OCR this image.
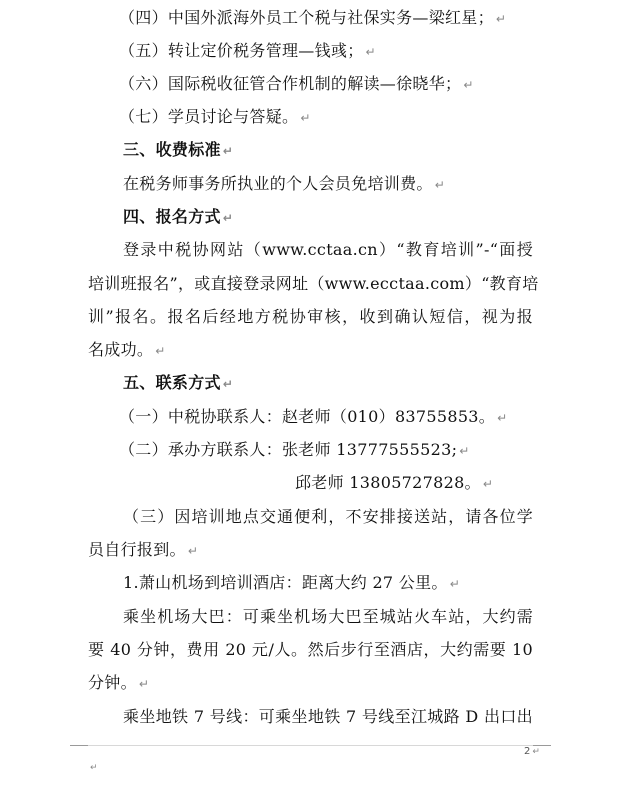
（四）中国外派海外员工个税与社保实务—梁红星； ↵
（五）转让定价税务管理—钱彧； ↵
（六）国际税收征管合作机制的解读—徐晓华； ↵
（七）学员讨论与答疑。 ↵
三、收费标准 ↵
在税务师事务所执业的个人会员免培训费。 ↵
四、报名方式 ↵
登录中税协网站（www.cctaa.cn）“教育培训”-“面授
培训班报名”，或直接登录网址（www.ecctaa.com）“教育培
训”报名。报名后经地方税协审核，收到确认短信，视为报
名成功。 ↵
五、联系方式 ↵
（一）中税协联系人：赵老师（010）83755853。 ↵
（二）承办方联系人：张老师 13777555523; ↵
邱老师 13805727828。 ↵
（三）因培训地点交通便利，不安排接送站，请各位学
员自行报到。 ↵
1.萧山机场到培训酒店：距离大约 27 公里。 ↵
乘坐机场大巴：可乘坐机场大巴至城站火车站，大约需
要 40 分钟，费用 20 元/人。然后步行至酒店，大约需要 10
分钟。 ↵
乘坐地铁 7 号线：可乘坐地铁 7 号线至江城路 D 出口出
2 ↵
↵
